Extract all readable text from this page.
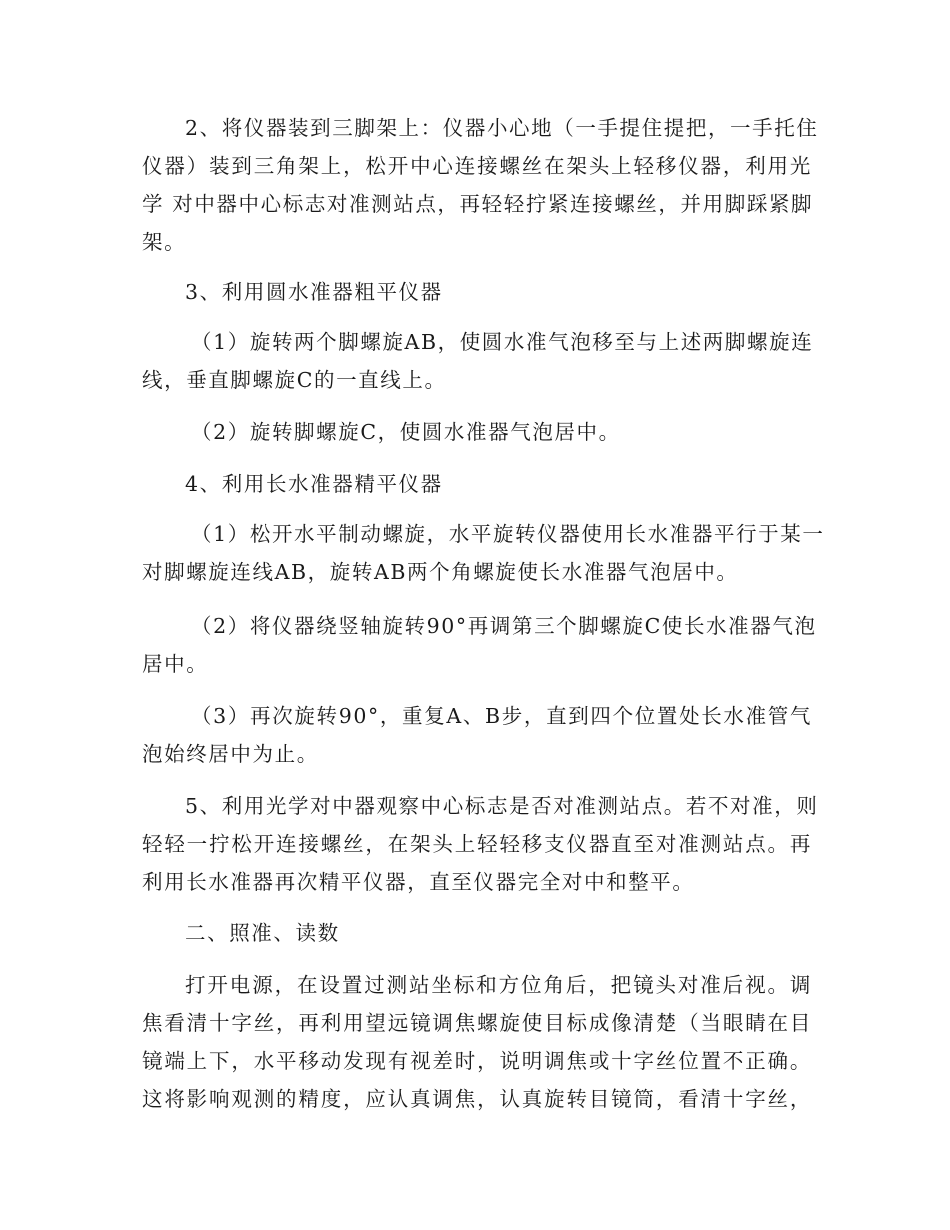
2、将仪器装到三脚架上：仪器小心地（一手提住提把，一手托住
仪器）装到三角架上，松开中心连接螺丝在架头上轻移仪器，利用光
学 对中器中心标志对准测站点，再轻轻拧紧连接螺丝，并用脚踩紧脚
架。
3、利用圆水准器粗平仪器
（1）旋转两个脚螺旋AB，使圆水准气泡移至与上述两脚螺旋连
线，垂直脚螺旋C的一直线上。
（2）旋转脚螺旋C，使圆水准器气泡居中。
4、利用长水准器精平仪器
（1）松开水平制动螺旋，水平旋转仪器使用长水准器平行于某一
对脚螺旋连线AB，旋转AB两个角螺旋使长水准器气泡居中。
（2）将仪器绕竖轴旋转90°再调第三个脚螺旋C使长水准器气泡
居中。
（3）再次旋转90°，重复A、B步，直到四个位置处长水准管气
泡始终居中为止。
5、利用光学对中器观察中心标志是否对准测站点。若不对准，则
轻轻一拧松开连接螺丝，在架头上轻轻移支仪器直至对准测站点。再
利用长水准器再次精平仪器，直至仪器完全对中和整平。
二、照准、读数
打开电源，在设置过测站坐标和方位角后，把镜头对准后视。调
焦看清十字丝，再利用望远镜调焦螺旋使目标成像清楚（当眼睛在目
镜端上下，水平移动发现有视差时，说明调焦或十字丝位置不正确。
这将影响观测的精度，应认真调焦，认真旋转目镜筒，看清十字丝，
